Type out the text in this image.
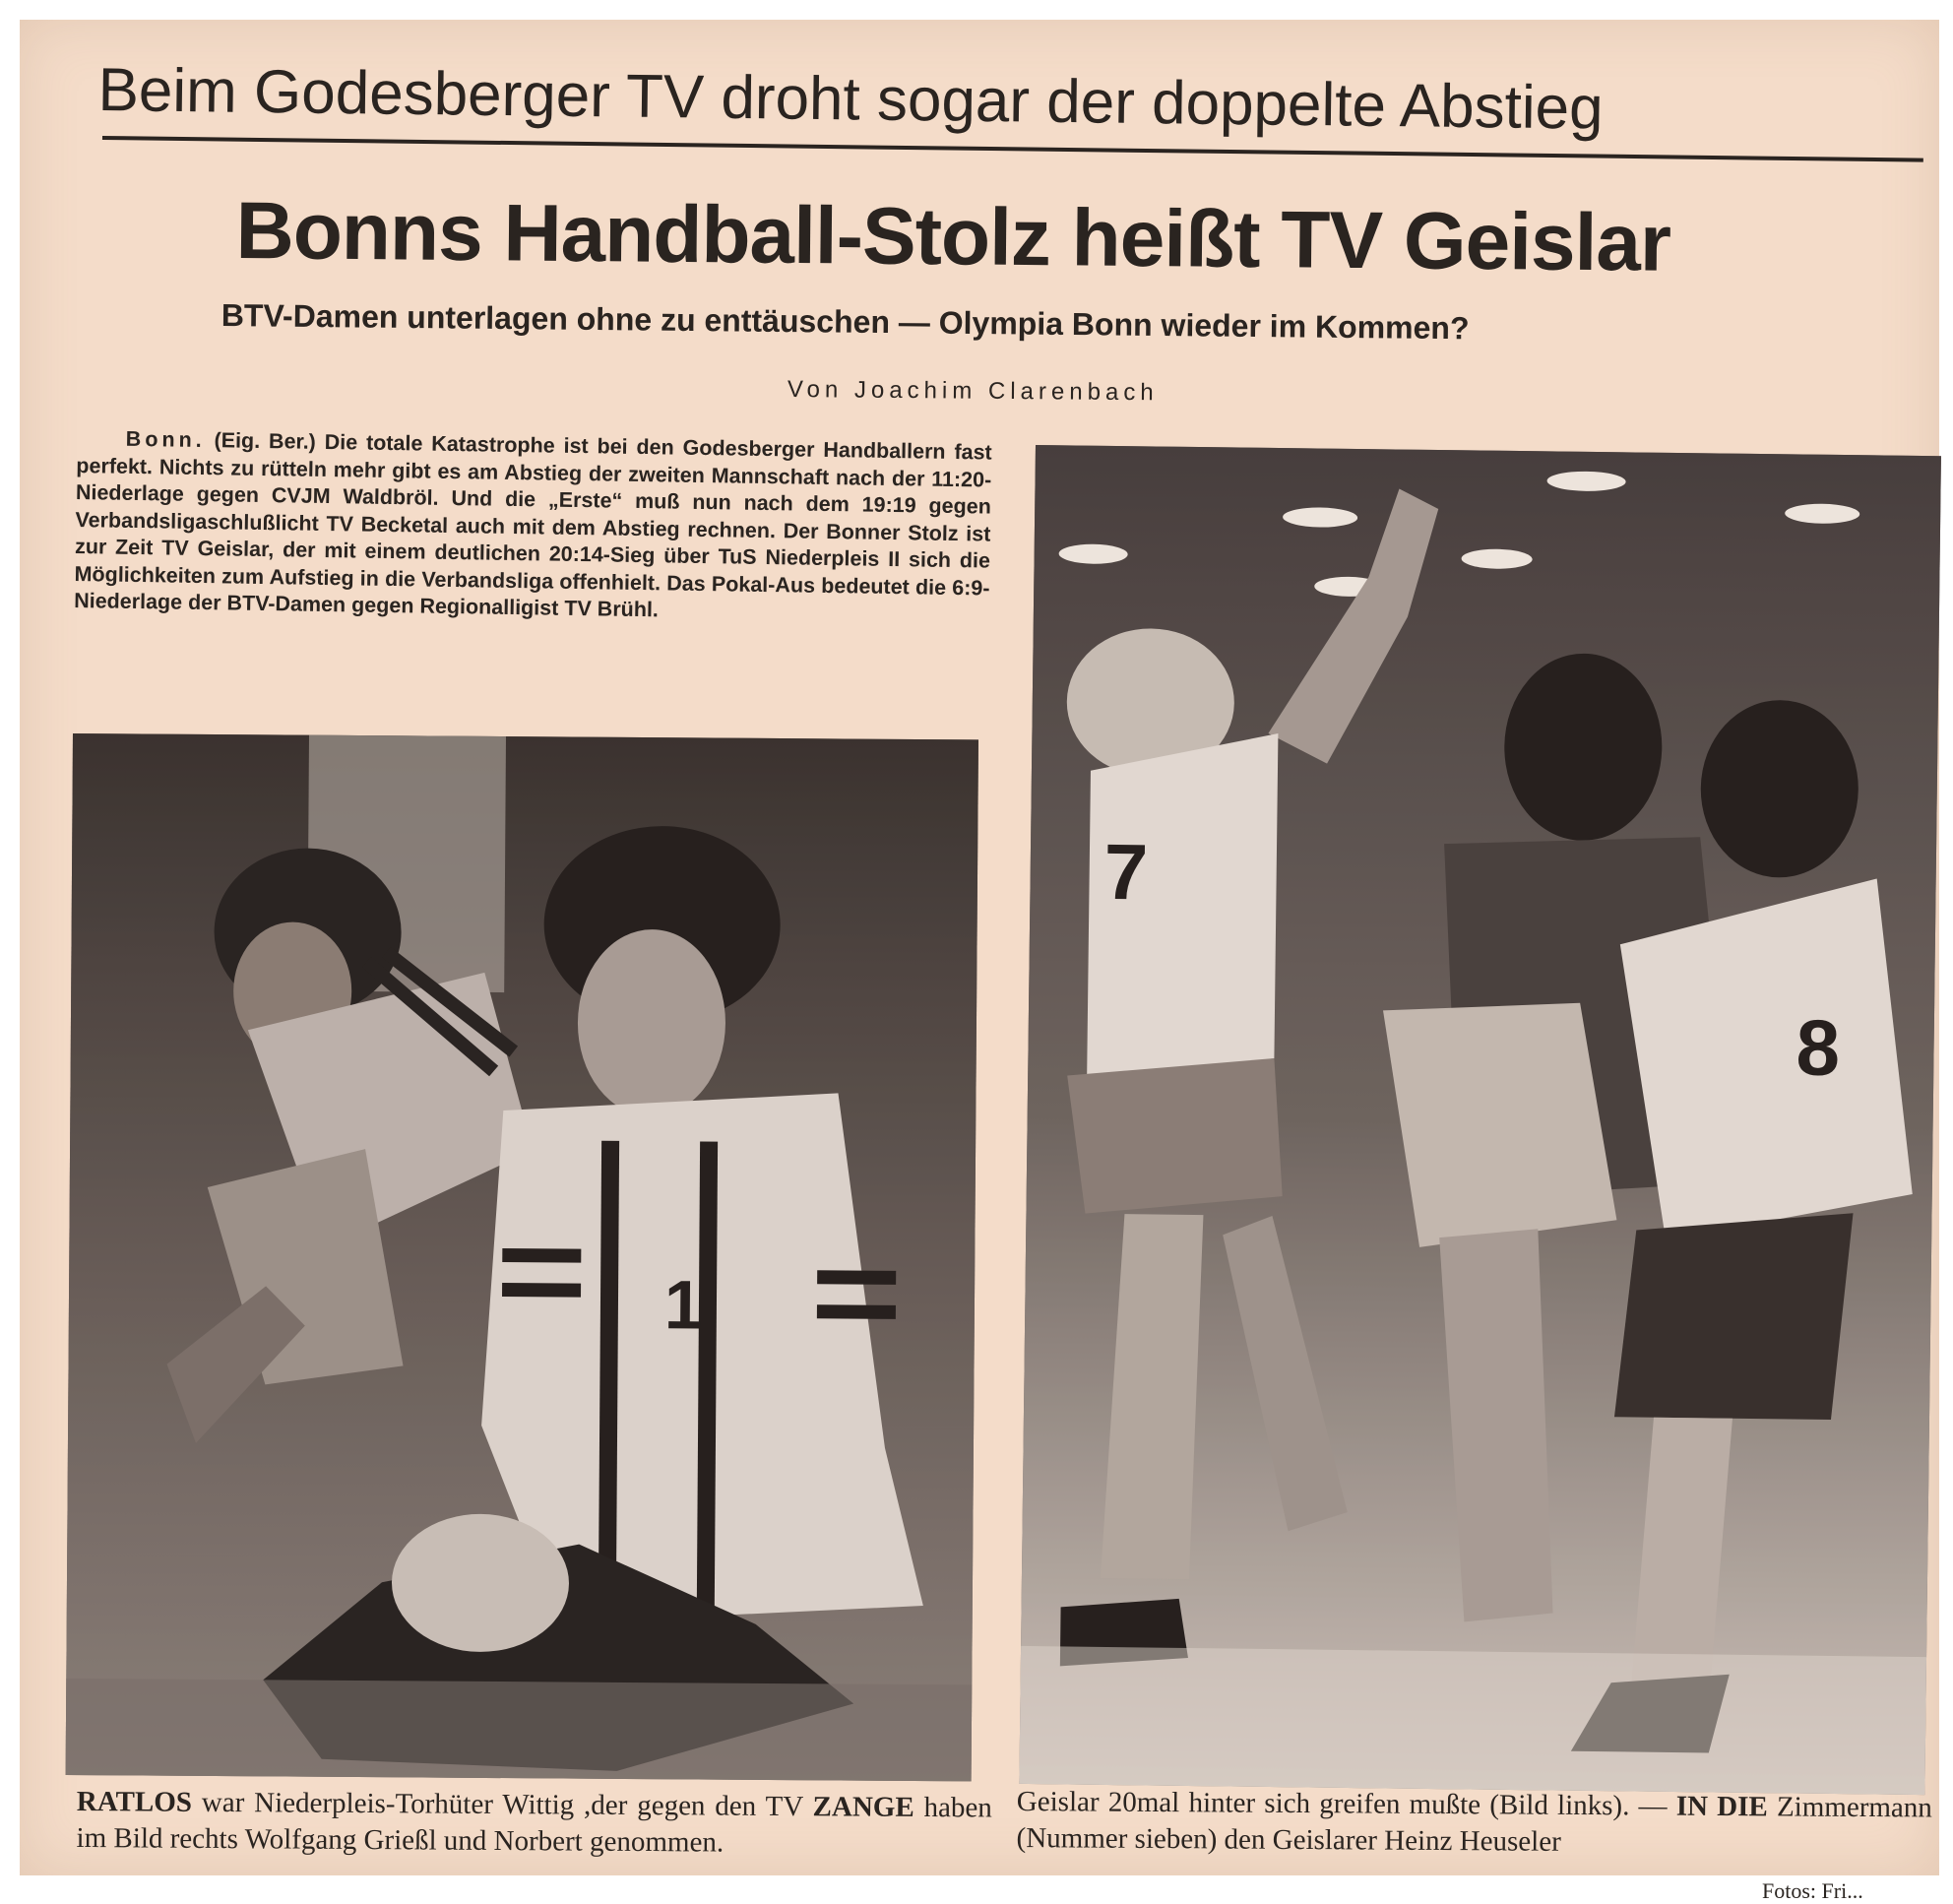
Beim Godesberger TV droht sogar der doppelte Abstieg
Bonns Handball-Stolz heißt TV Geislar
BTV-Damen unterlagen ohne zu enttäuschen — Olympia Bonn wieder im Kommen?
Von Joachim Clarenbach
Bonn. (Eig. Ber.) Die totale Katastrophe ist bei den Godesberger Handballern fast perfekt. Nichts zu rütteln mehr gibt es am Abstieg der zweiten Mannschaft nach der 11:20-Niederlage gegen CVJM Waldbröl. Und die „Erste“ muß nun nach dem 19:19 gegen Verbandsligaschlußlicht TV Becketal auch mit dem Abstieg rechnen. Der Bonner Stolz ist zur Zeit TV Geislar, der mit einem deutlichen 20:14-Sieg über TuS Niederpleis II sich die Möglichkeiten zum Aufstieg in die Verbandsliga offenhielt. Das Pokal-Aus bedeutet die 6:9-Niederlage der BTV-Damen gegen Regionalligist TV Brühl.
1
7
8
RATLOS war Niederpleis-Torhüter Wittig ,der gegen den TV ZANGE haben im Bild rechts Wolfgang Grießl und Norbert genommen.
Geislar 20mal hinter sich greifen mußte (Bild links). — IN DIE Zimmermann (Nummer sieben) den Geislarer Heinz Heuseler
Fotos: Fri...
